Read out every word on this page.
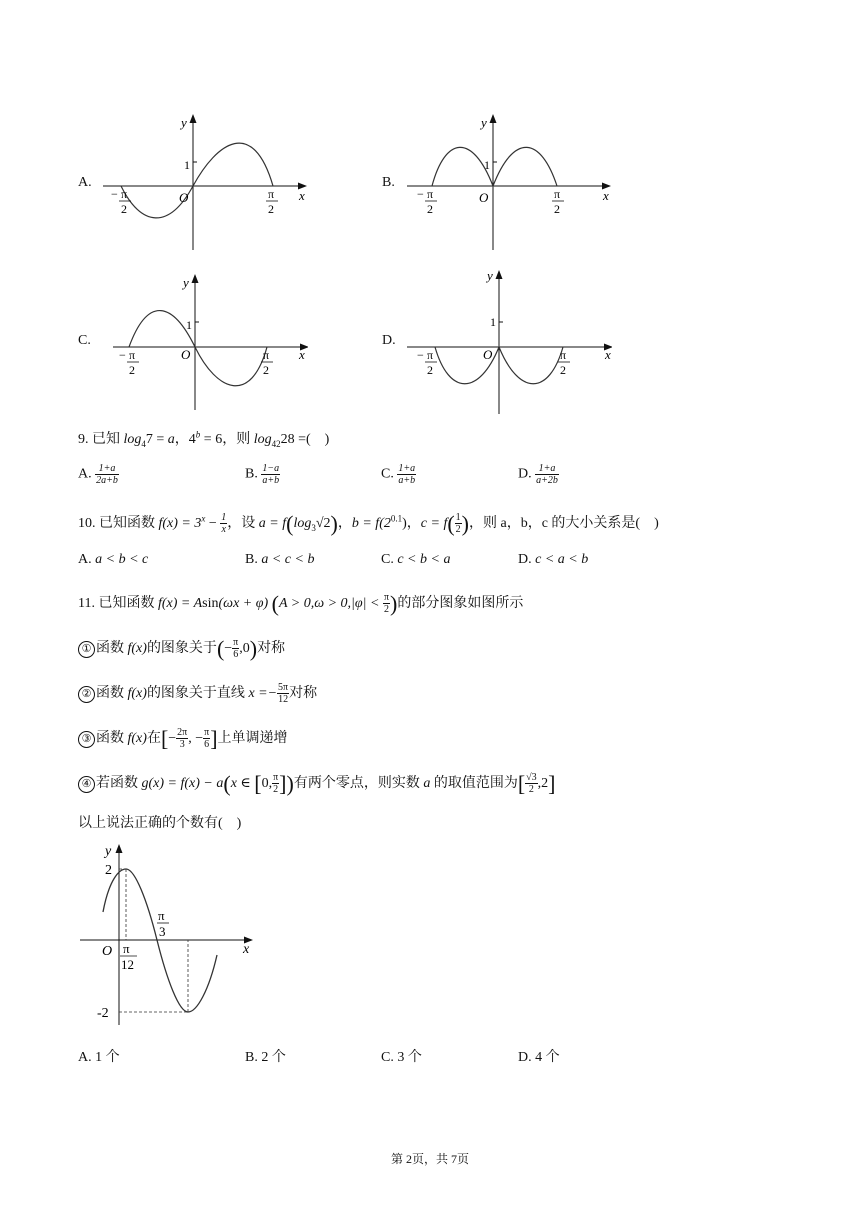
A.
y
x
O
1
− π
2
π
2
B.
y
x
O
1
− π
2
π
2
C.
y
x
O
1
− π
2
π
2
D.
y
x
O
1
− π
2
π
2
9. 已知 $\log_47 = a$，$4^b = 6$，则 $\log_{42}28$ =(　)
A. $\frac{1+a}{2a+b}$	B. $\frac{1-a}{a+b}$	C. $\frac{1+a}{a+b}$	D. $\frac{1+a}{a+2b}$
10. 已知函数 $f(x) = 3^x - \frac{1}{x}$ ，设 $a = f(\log_3√2)$，$b = f(2^{0.1})$，$c = f( \frac{1}{2}$ )，则 a，b，c 的大小关系是(　)
A. a < b < c	B. a < c < b	C. c < b < a	D. c < a < b
11. 已知函数 f(x) = Asin(ωx + φ) ($A > 0,\omega > 0,|\varphi| < \frac{\pi}{2}$ )的部分图象如图所示
① 函数 f(x)的图象关于(− $\frac{\pi}{6} ,0$)对称
② 函数 f(x)的图象关于直线 $x =- \frac{5\pi}{12}$ 对称
③ 函数 f(x)在[− $\frac{2\pi}{3}$ , − $\frac{\pi}{6}$ ]上单调递增
④ 若函数 g(x) = f(x) − a(x ∈ [0, $\frac{\pi}{2}$ ])有两个零点，则实数 a 的取值范围为[ $\frac{√3}{2} ,2$]
以上说法正确的个数有(　)
y
x
O
2
-2
π
12
π
3
A. 1 个	B. 2 个	C. 3 个	D. 4 个
第 2页，共 7页
